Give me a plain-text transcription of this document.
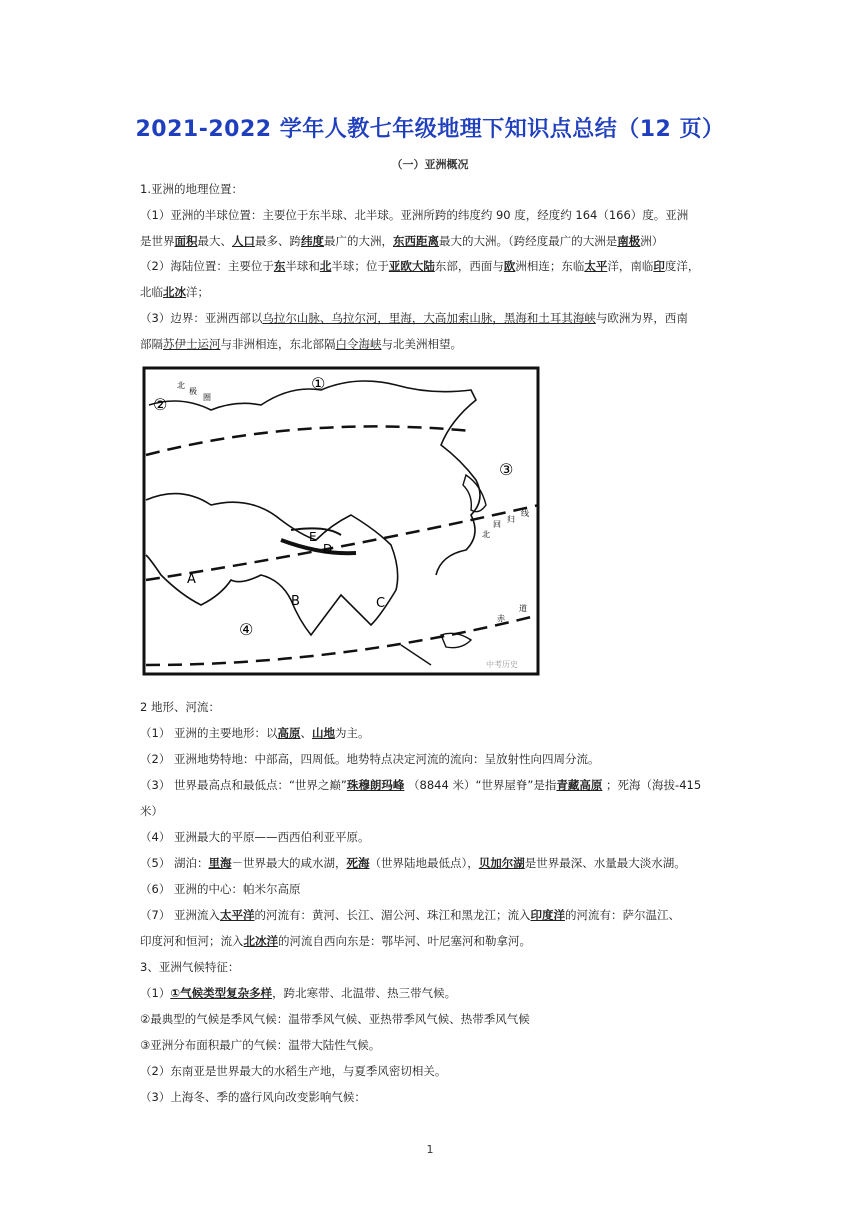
2021-2022 学年人教七年级地理下知识点总结（12 页）
（一）亚洲概况
1.亚洲的地理位置：
（1）亚洲的半球位置：主要位于东半球、北半球。亚洲所跨的纬度约 90 度，经度约 164（166）度。亚洲
是世界面积最大、人口最多、跨纬度最广的大洲，东西距离最大的大洲。（跨经度最广的大洲是南极洲）
（2）海陆位置：主要位于东半球和北半球；位于亚欧大陆东部，西面与欧洲相连；东临太平洋，南临印度洋，
北临北冰洋；
（3）边界：亚洲西部以乌拉尔山脉、乌拉尔河，里海，大高加索山脉，黑海和土耳其海峡与欧洲为界，西南
部隔苏伊士运河与非洲相连，东北部隔白令海峡与北美洲相望。
①
②
③
④
A
B	C
D
E
北
极
圈
北
回
归
线
赤
道
中考历史
2 地形、河流：
（1） 亚洲的主要地形：以高原、山地为主。
（2） 亚洲地势特地：中部高，四周低。地势特点决定河流的流向：呈放射性向四周分流。
（3） 世界最高点和最低点：“世界之巅”珠穆朗玛峰 （8844 米）“世界屋脊”是指青藏高原 ；死海（海拔-415
米）
（4） 亚洲最大的平原——西西伯利亚平原。
（5） 湖泊：里海－世界最大的咸水湖，死海（世界陆地最低点），贝加尔湖是世界最深、水量最大淡水湖。
（6） 亚洲的中心：帕米尔高原
（7） 亚洲流入太平洋的河流有：黄河、长江、湄公河、珠江和黑龙江；流入印度洋的河流有：萨尔温江、
印度河和恒河；流入北冰洋的河流自西向东是：鄂毕河、叶尼塞河和勒拿河。
3、亚洲气候特征：
（1）①气候类型复杂多样，跨北寒带、北温带、热三带气候。
②最典型的气候是季风气候：温带季风气候、亚热带季风气候、热带季风气候
③亚洲分布面积最广的气候：温带大陆性气候。
（2）东南亚是世界最大的水稻生产地，与夏季风密切相关。
（3）上海冬、季的盛行风向改变影响气候：
1
